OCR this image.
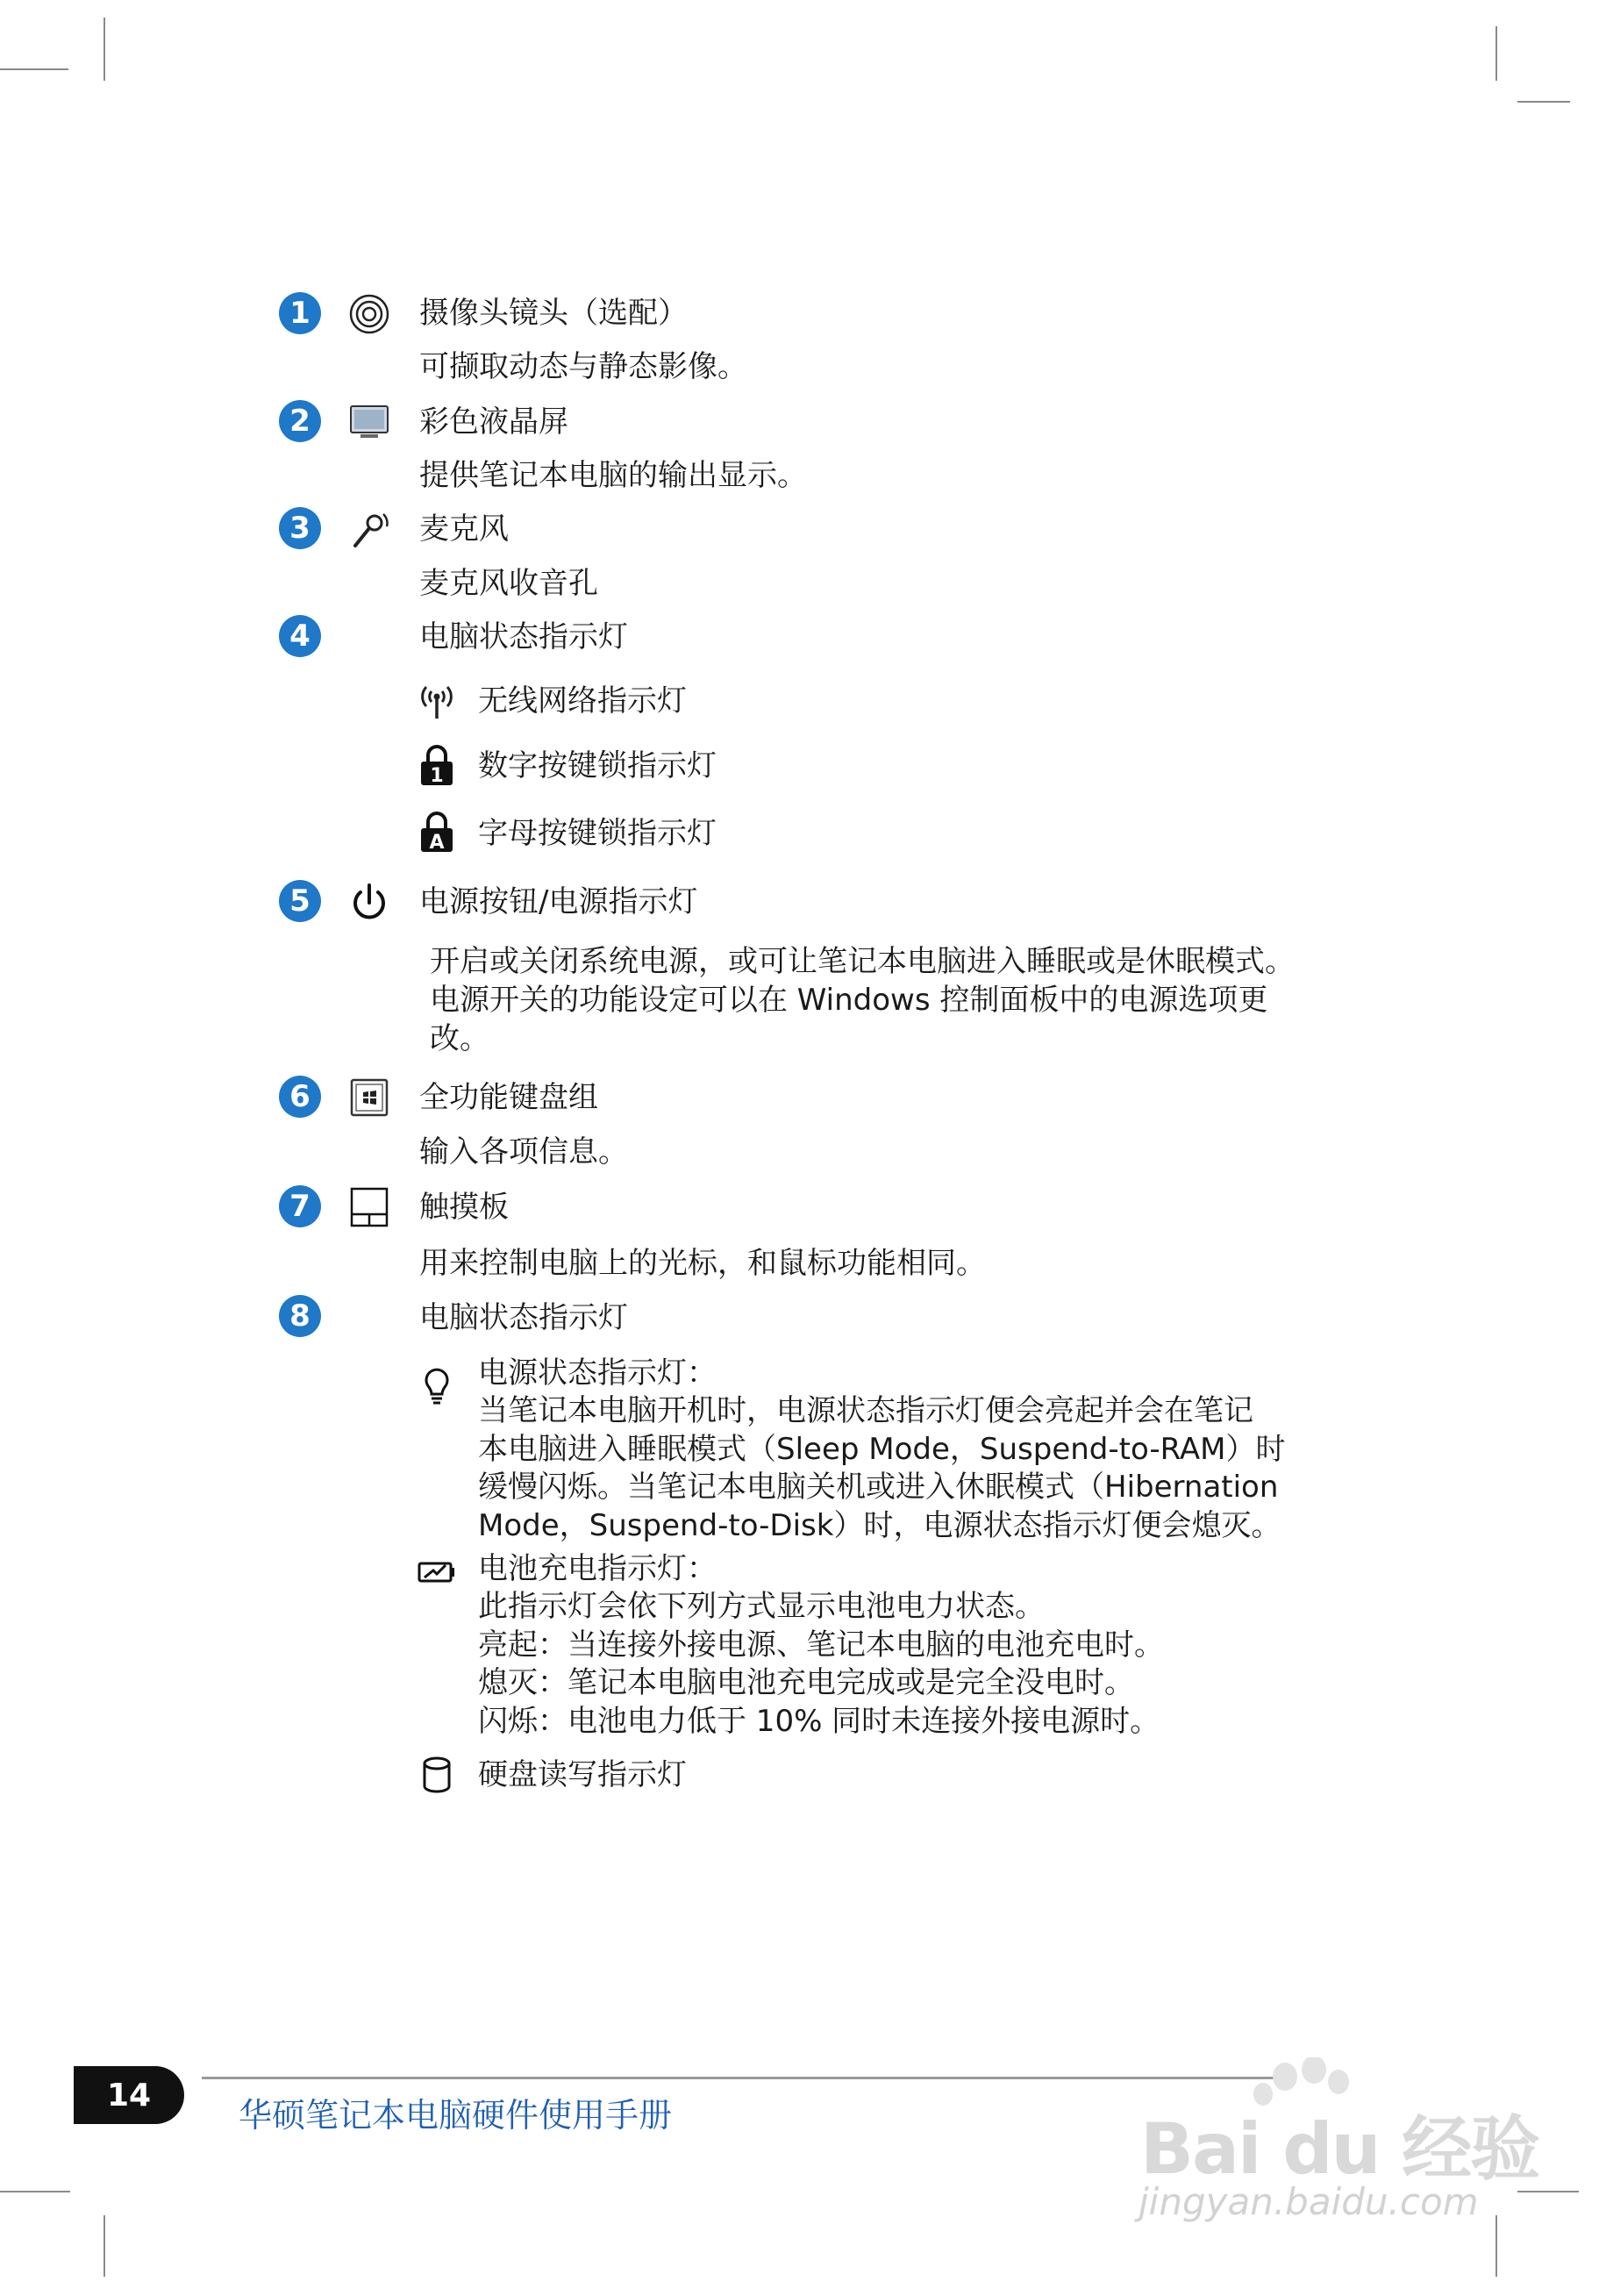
1	摄像头镜头（选配）
可撷取动态与静态影像。
2	彩色液晶屏
提供笔记本电脑的输出显示。
3	麦克风
麦克风收音孔
4	电脑状态指示灯
无线网络指示灯
1 数字按键锁指示灯
A 字母按键锁指示灯
5	电源按钮/电源指示灯
开启或关闭系统电源，或可让笔记本电脑进入睡眠或是休眠模式。电源开关的功能设定可以在 Windows 控制面板中的电源选项更改。
6	全功能键盘组
输入各项信息。
7	触摸板
用来控制电脑上的光标，和鼠标功能相同。
8	电脑状态指示灯
电源状态指示灯：
当笔记本电脑开机时，电源状态指示灯便会亮起并会在笔记
本电脑进入睡眠模式（Sleep Mode，Suspend-to-RAM）时
缓慢闪烁。当笔记本电脑关机或进入休眠模式（Hibernation
Mode，Suspend-to-Disk）时，电源状态指示灯便会熄灭。
电池充电指示灯：
此指示灯会依下列方式显示电池电力状态。
亮起：当连接外接电源、笔记本电脑的电池充电时。
熄灭：笔记本电脑电池充电完成或是完全没电时。
闪烁：电池电力低于 10% 同时未连接外接电源时。
硬盘读写指示灯
14
华硕笔记本电脑硬件使用手册	Bai du 经验
jingyan.baidu.com
